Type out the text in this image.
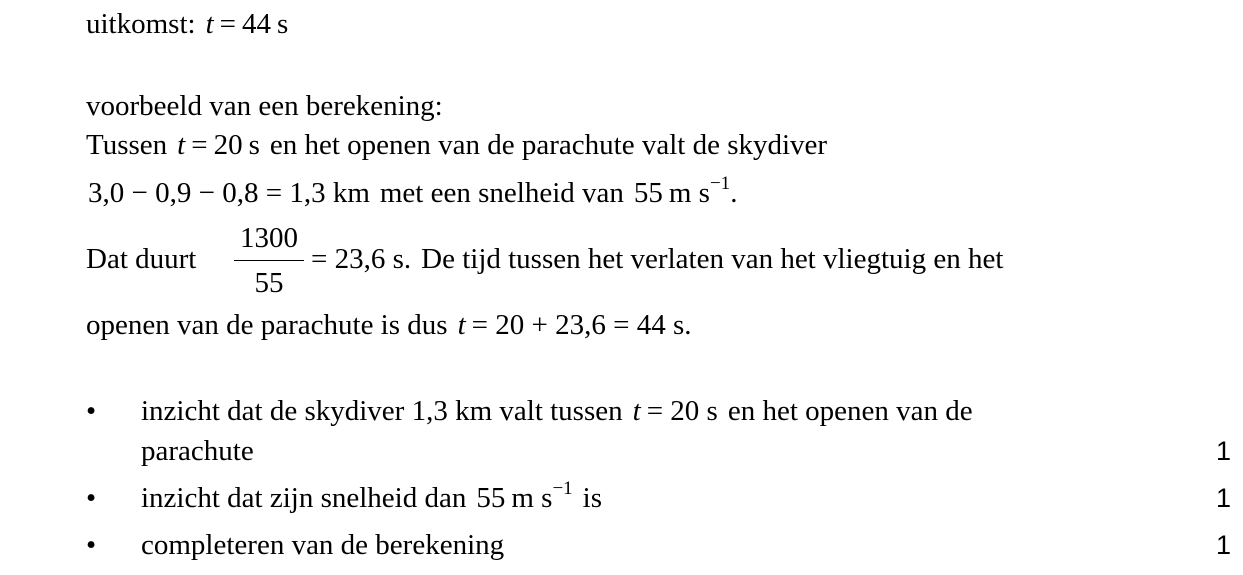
uitkomst: t = 44 s
voorbeeld van een berekening:
Tussen t = 20 s en het openen van de parachute valt de skydiver
3,0 − 0,9 − 0,8 = 1,3 km met een snelheid van 55 m $s^{-1}$.
Dat duurt
1300
55
= 23,6 s. De tijd tussen het verlaten van het vliegtuig en het
openen van de parachute is dus t = 20 + 23,6 = 44 s.
• inzicht dat de skydiver 1,3 km valt tussen t = 20 s en het openen van de
parachute	1
• inzicht dat zijn snelheid dan 55 m $s^{-1}$ is	1
• completeren van de berekening	1
